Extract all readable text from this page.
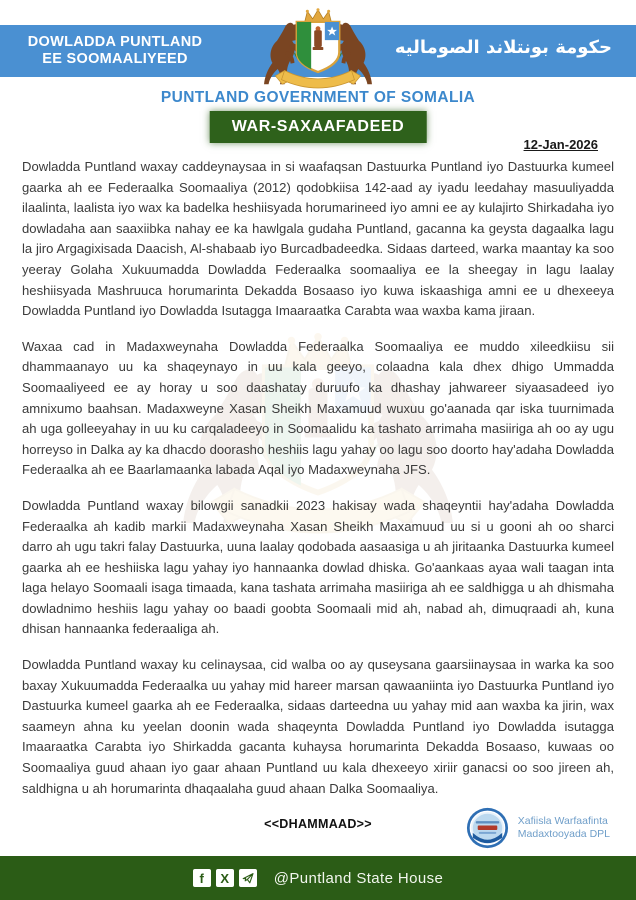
DOWLADDA PUNTLAND
EE SOOMAALIYEED
حكومة بونتلاند الصوماليه
PUNTLAND GOVERNMENT OF SOMALIA
WAR-SAXAAFADEED
12-Jan-2026

Dowladda Puntland waxay caddeynaysaa in si waafaqsan Dastuurka Puntland iyo Dastuurka kumeel gaarka ah ee Federaalka Soomaaliya (2012) qodobkiisa 142-aad ay iyadu leedahay masuuliyadda ilaalinta, laalista iyo wax ka badelka heshiisyada horumarineed iyo amni ee ay kulajirto Shirkadaha iyo dowladaha aan saaxiibka nahay ee ka hawlgala gudaha Puntland, gacanna ka geysta dagaalka lagu la jiro Argagixisada Daacish, Al-shabaab iyo Burcadbadeedka. Sidaas darteed, warka maantay ka soo yeeray Golaha Xukuumadda Dowladda Federaalka soomaaliya ee la sheegay in lagu laalay heshiisyada Mashruuca horumarinta Dekadda Bosaaso iyo kuwa iskaashiga amni ee u dhexeeya Dowladda Puntland iyo Dowladda Isutagga Imaaraatka Carabta waa waxba kama jiraan.

Waxaa cad in Madaxweynaha Dowladda Federaalka Soomaaliya ee muddo xileedkiisu sii dhammaanayo uu ka shaqeynayo in uu kala geeyo, colaadna kala dhex dhigo Ummadda Soomaaliyeed ee ay horay u soo daashatay duruufo ka dhashay jahwareer siyaasadeed iyo amnixumo baahsan. Madaxweyne Xasan Sheikh Maxamuud wuxuu go'aanada qar iska tuurnimada ah uga golleeyahay in uu ku carqaladeeyo in Soomaalidu ka tashato arrimaha masiiriga ah oo ay ugu horreyso in Dalka ay ka dhacdo doorasho heshiis lagu yahay oo lagu soo doorto hay'adaha Dowladda Federaalka ah ee Baarlamaanka labada Aqal iyo Madaxweynaha JFS.

Dowladda Puntland waxay bilowgii sanadkii 2023 hakisay wada shaqeyntii hay'adaha Dowladda Federaalka ah kadib markii Madaxweynaha Xasan Sheikh Maxamuud uu si u gooni ah oo sharci darro ah ugu takri falay Dastuurka, uuna laalay qodobada aasaasiga u ah jiritaanka Dastuurka kumeel gaarka ah ee heshiiska lagu yahay iyo hannaanka dowlad dhiska. Go'aankaas ayaa wali taagan inta laga helayo Soomaali isaga timaada, kana tashata arrimaha masiiriga ah ee saldhigga u ah dhismaha dowladnimo heshiis lagu yahay oo baadi goobta Soomaali mid ah, nabad ah, dimuqraadi ah, kuna dhisan hannaanka federaaliga ah.

Dowladda Puntland waxay ku celinaysaa, cid walba oo ay quseysana gaarsiinaysaa in warka ka soo baxay Xukuumadda Federaalka uu yahay mid hareer marsan qawaaniinta iyo Dastuurka Puntland iyo Dastuurka kumeel gaarka ah ee Federaalka, sidaas darteedna uu yahay mid aan waxba ka jirin, wax saameyn ahna ku yeelan doonin wada shaqeynta Dowladda Puntland iyo Dowladda isutagga Imaaraatka Carabta iyo Shirkadda gacanta kuhaysa horumarinta Dekadda Bosaaso, kuwaas oo Soomaaliya guud ahaan iyo gaar ahaan Puntland uu kala dhexeeyo xiriir ganacsi oo soo jireen ah, saldhigna u ah horumarinta dhaqaalaha guud ahaan Dalka Soomaaliya.

<<DHAMMAAD>>	Xafiisla Warfaafinta
Madaxtooyada DPL
f X	@Puntland State House
